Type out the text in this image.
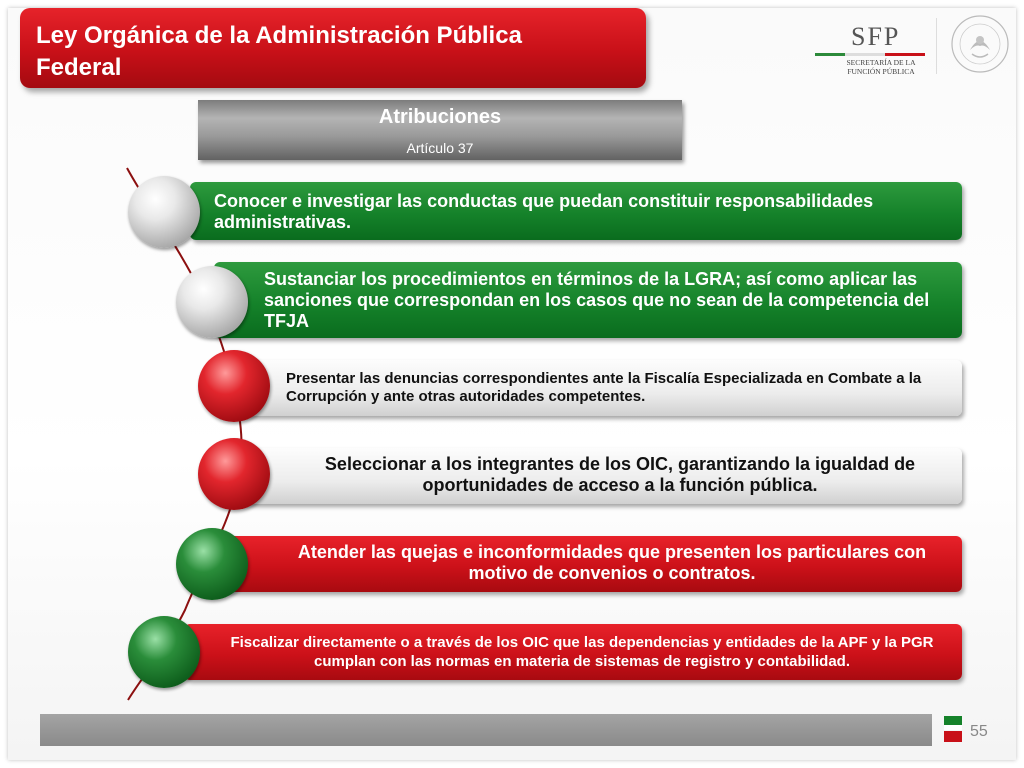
Ley Orgánica de la Administración Pública Federal
SFP
SECRETARÍA DE LA FUNCIÓN PÚBLICA
Atribuciones
Artículo 37
Conocer e investigar las conductas que puedan constituir responsabilidades administrativas.
Sustanciar los procedimientos en términos de la LGRA; así como aplicar las sanciones que correspondan en los casos que no sean de la competencia del TFJA
Presentar las denuncias correspondientes ante la Fiscalía Especializada en Combate a la Corrupción y ante otras autoridades competentes.
Seleccionar a los integrantes de los OIC, garantizando la igualdad de oportunidades de acceso a la función pública.
Atender las quejas e inconformidades que presenten los particulares con motivo de convenios o contratos.
Fiscalizar directamente o a través de los OIC que las dependencias y entidades de la APF y la PGR cumplan con las normas en materia de sistemas de registro y contabilidad.
55
